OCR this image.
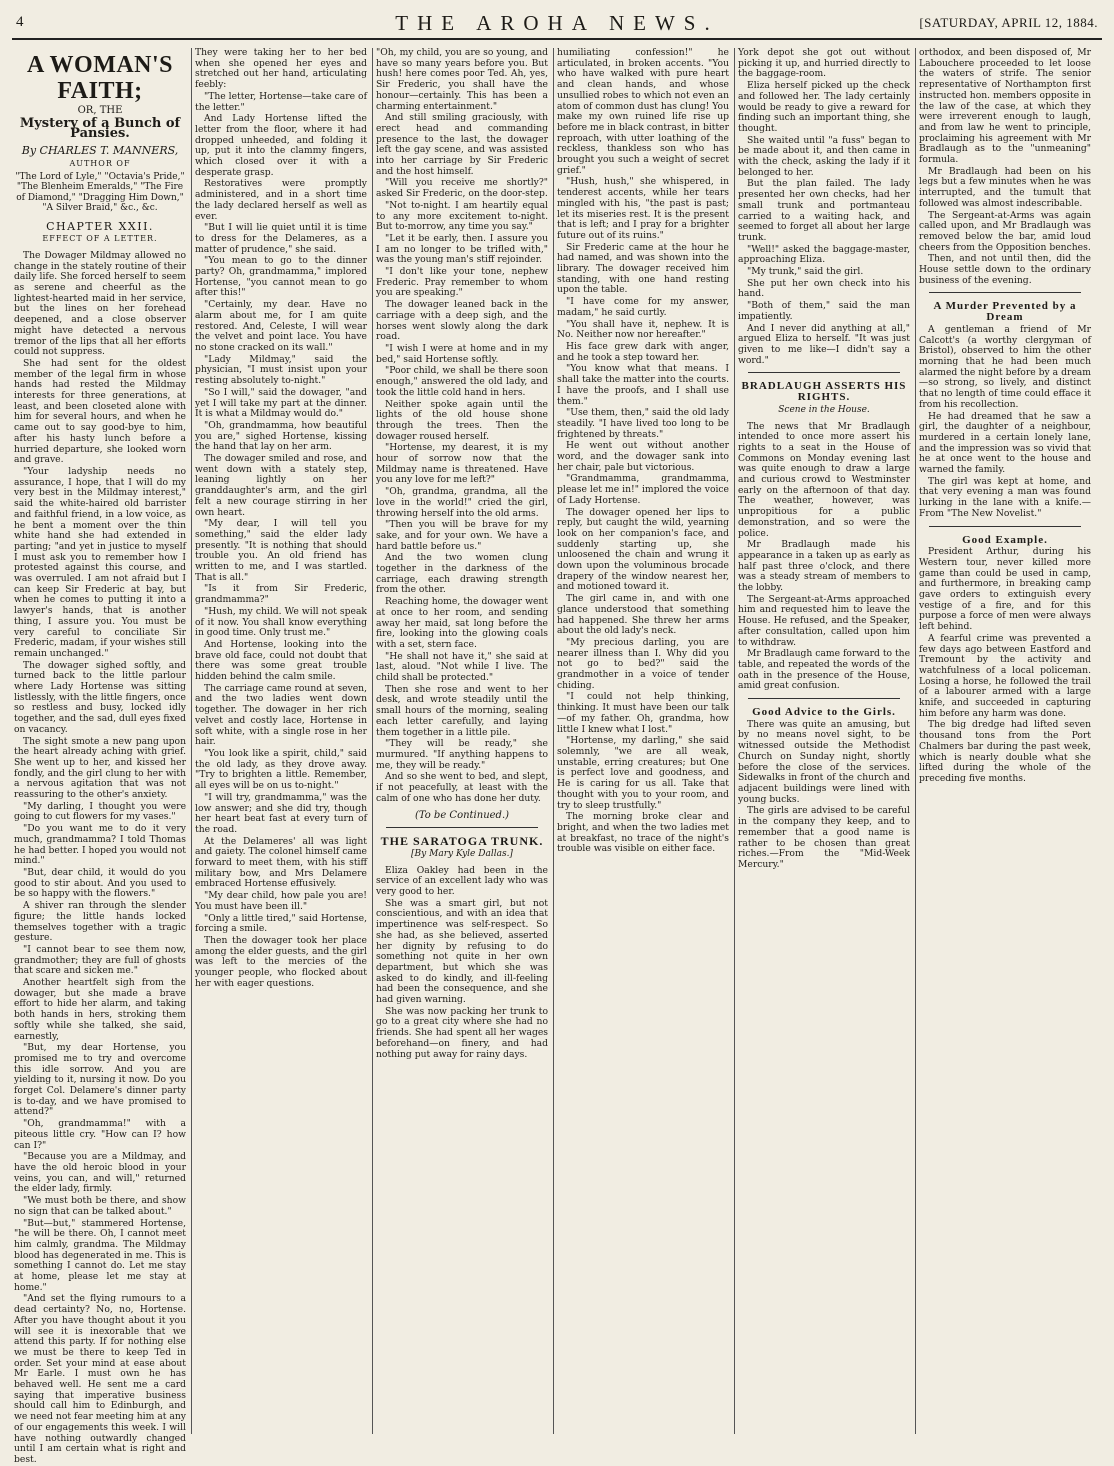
4	THE AROHA NEWS.	[SATURDAY, APRIL 12, 1884.
A WOMAN'S FAITH;
OR, THE
Mystery of a Bunch of Pansies.
By CHARLES T. MANNERS,
AUTHOR OF
"The Lord of Lyle," "Octavia's Pride," "The Blenheim Emeralds," "The Fire of Diamond," "Dragging Him Down," "A Silver Braid," &c., &c.
CHAPTER XXII.
EFFECT OF A LETTER.

The Dowager Mildmay allowed no change in the stately routine of their daily life. She forced herself to seem as serene and cheerful as the lightest-hearted maid in her service, but the lines on her forehead deepened, and a close observer might have detected a nervous tremor of the lips that all her efforts could not suppress.

She had sent for the oldest member of the legal firm in whose hands had rested the Mildmay interests for three generations, at least, and been closeted alone with him for several hours, and when he came out to say good-bye to him, after his hasty lunch before a hurried departure, she looked worn and grave.

"Your ladyship needs no assurance, I hope, that I will do my very best in the Mildmay interest," said the white-haired old barrister and faithful friend, in a low voice, as he bent a moment over the thin white hand she had extended in parting; "and yet in justice to myself I must ask you to remember how I protested against this course, and was overruled. I am not afraid but I can keep Sir Frederic at bay, but when he comes to putting it into a lawyer's hands, that is another thing, I assure you. You must be very careful to conciliate Sir Frederic, madam, if your wishes still remain unchanged."

The dowager sighed softly, and turned back to the little parlour where Lady Hortense was sitting listlessly, with the little fingers, once so restless and busy, locked idly together, and the sad, dull eyes fixed on vacancy.

The sight smote a new pang upon the heart already aching with grief. She went up to her, and kissed her fondly, and the girl clung to her with a nervous agitation that was not reassuring to the other's anxiety.

"My darling, I thought you were going to cut flowers for my vases."

"Do you want me to do it very much, grandmamma? I told Thomas he had better. I hoped you would not mind."

"But, dear child, it would do you good to stir about. And you used to be so happy with the flowers."

A shiver ran through the slender figure; the little hands locked themselves together with a tragic gesture.

"I cannot bear to see them now, grandmother; they are full of ghosts that scare and sicken me."

Another heartfelt sigh from the dowager, but she made a brave effort to hide her alarm, and taking both hands in hers, stroking them softly while she talked, she said, earnestly,

"But, my dear Hortense, you promised me to try and overcome this idle sorrow. And you are yielding to it, nursing it now. Do you forget Col. Delamere's dinner party is to-day, and we have promised to attend?"

"Oh, grandmamma!" with a piteous little cry. "How can I? how can I?"

"Because you are a Mildmay, and have the old heroic blood in your veins, you can, and will," returned the elder lady, firmly.

"We must both be there, and show no sign that can be talked about."

"But—but," stammered Hortense, "he will be there. Oh, I cannot meet him calmly, grandma. The Mildmay blood has degenerated in me. This is something I cannot do. Let me stay at home, please let me stay at home."

"And set the flying rumours to a dead certainty? No, no, Hortense. After you have thought about it you will see it is inexorable that we attend this party. If for nothing else we must be there to keep Ted in order. Set your mind at ease about Mr Earle. I must own he has behaved well. He sent me a card saying that imperative business should call him to Edinburgh, and we need not fear meeting him at any of our engagements this week. I will have nothing outwardly changed until I am certain what is right and best.

They were taking her to her bed when she opened her eyes and stretched out her hand, articulating feebly:

"The letter, Hortense—take care of the letter."

And Lady Hortense lifted the letter from the floor, where it had dropped unheeded, and folding it up, put it into the clammy fingers, which closed over it with a desperate grasp.

Restoratives were promptly administered, and in a short time the lady declared herself as well as ever.

"But I will lie quiet until it is time to dress for the Delameres, as a matter of prudence," she said.

"You mean to go to the dinner party? Oh, grandmamma," implored Hortense, "you cannot mean to go after this!"

"Certainly, my dear. Have no alarm about me, for I am quite restored. And, Celeste, I will wear the velvet and point lace. You have no stone cracked on its wall."

"Lady Mildmay," said the physician, "I must insist upon your resting absolutely to-night."

"So I will," said the dowager, "and yet I will take my part at the dinner. It is what a Mildmay would do."

"Oh, grandmamma, how beautiful you are," sighed Hortense, kissing the hand that lay on her arm.

The dowager smiled and rose, and went down with a stately step, leaning lightly on her granddaughter's arm, and the girl felt a new courage stirring in her own heart.

"My dear, I will tell you something," said the elder lady presently. "It is nothing that should trouble you. An old friend has written to me, and I was startled. That is all."

"Is it from Sir Frederic, grandmamma?"

"Hush, my child. We will not speak of it now. You shall know everything in good time. Only trust me."

And Hortense, looking into the brave old face, could not doubt that there was some great trouble hidden behind the calm smile.

The carriage came round at seven, and the two ladies went down together. The dowager in her rich velvet and costly lace, Hortense in soft white, with a single rose in her hair.

"You look like a spirit, child," said the old lady, as they drove away. "Try to brighten a little. Remember, all eyes will be on us to-night."

"I will try, grandmamma," was the low answer; and she did try, though her heart beat fast at every turn of the road.

At the Delameres' all was light and gaiety. The colonel himself came forward to meet them, with his stiff military bow, and Mrs Delamere embraced Hortense effusively.

"My dear child, how pale you are! You must have been ill."

"Only a little tired," said Hortense, forcing a smile.

Then the dowager took her place among the elder guests, and the girl was left to the mercies of the younger people, who flocked about her with eager questions.

"Oh, my child, you are so young, and have so many years before you. But hush! here comes poor Ted. Ah, yes, Sir Frederic, you shall have the honour—certainly. This has been a charming entertainment."

And still smiling graciously, with erect head and commanding presence to the last, the dowager left the gay scene, and was assisted into her carriage by Sir Frederic and the host himself.

"Will you receive me shortly?" asked Sir Frederic, on the door-step.

"Not to-night. I am heartily equal to any more excitement to-night. But to-morrow, any time you say."

"Let it be early, then. I assure you I am no longer to be trifled with," was the young man's stiff rejoinder.

"I don't like your tone, nephew Frederic. Pray remember to whom you are speaking."

The dowager leaned back in the carriage with a deep sigh, and the horses went slowly along the dark road.

"I wish I were at home and in my bed," said Hortense softly.

"Poor child, we shall be there soon enough," answered the old lady, and took the little cold hand in hers.

Neither spoke again until the lights of the old house shone through the trees. Then the dowager roused herself.

"Hortense, my dearest, it is my hour of sorrow now that the Mildmay name is threatened. Have you any love for me left?"

"Oh, grandma, grandma, all the love in the world!" cried the girl, throwing herself into the old arms.

"Then you will be brave for my sake, and for your own. We have a hard battle before us."

And the two women clung together in the darkness of the carriage, each drawing strength from the other.

Reaching home, the dowager went at once to her room, and sending away her maid, sat long before the fire, looking into the glowing coals with a set, stern face.

"He shall not have it," she said at last, aloud. "Not while I live. The child shall be protected."

Then she rose and went to her desk, and wrote steadily until the small hours of the morning, sealing each letter carefully, and laying them together in a little pile.

"They will be ready," she murmured. "If anything happens to me, they will be ready."

And so she went to bed, and slept, if not peacefully, at least with the calm of one who has done her duty.

(To be Continued.)
THE SARATOGA TRUNK.
[By Mary Kyle Dallas.]

Eliza Oakley had been in the service of an excellent lady who was very good to her.

She was a smart girl, but not conscientious, and with an idea that impertinence was self-respect. So she had, as she believed, asserted her dignity by refusing to do something not quite in her own department, but which she was asked to do kindly, and ill-feeling had been the consequence, and she had given warning.

She was now packing her trunk to go to a great city where she had no friends. She had spent all her wages beforehand—on finery, and had nothing put away for rainy days.

humiliating confession!" he articulated, in broken accents. "You who have walked with pure heart and clean hands, and whose unsullied robes to which not even an atom of common dust has clung! You make my own ruined life rise up before me in black contrast, in bitter reproach, with utter loathing of the reckless, thankless son who has brought you such a weight of secret grief."

"Hush, hush," she whispered, in tenderest accents, while her tears mingled with his, "the past is past; let its miseries rest. It is the present that is left; and I pray for a brighter future out of its ruins."

Sir Frederic came at the hour he had named, and was shown into the library. The dowager received him standing, with one hand resting upon the table.

"I have come for my answer, madam," he said curtly.

"You shall have it, nephew. It is No. Neither now nor hereafter."

His face grew dark with anger, and he took a step toward her.

"You know what that means. I shall take the matter into the courts. I have the proofs, and I shall use them."

"Use them, then," said the old lady steadily. "I have lived too long to be frightened by threats."

He went out without another word, and the dowager sank into her chair, pale but victorious.

"Grandmamma, grandmamma, please let me in!" implored the voice of Lady Hortense.

The dowager opened her lips to reply, but caught the wild, yearning look on her companion's face, and suddenly starting up, she unloosened the chain and wrung it down upon the voluminous brocade drapery of the window nearest her, and motioned toward it.

The girl came in, and with one glance understood that something had happened. She threw her arms about the old lady's neck.

"My precious darling, you are nearer illness than I. Why did you not go to bed?" said the grandmother in a voice of tender chiding.

"I could not help thinking, thinking. It must have been our talk—of my father. Oh, grandma, how little I knew what I lost."

"Hortense, my darling," she said solemnly, "we are all weak, unstable, erring creatures; but One is perfect love and goodness, and He is caring for us all. Take that thought with you to your room, and try to sleep trustfully."

The morning broke clear and bright, and when the two ladies met at breakfast, no trace of the night's trouble was visible on either face.

York depot she got out without picking it up, and hurried directly to the baggage-room.

Eliza herself picked up the check and followed her. The lady certainly would be ready to give a reward for finding such an important thing, she thought.

She waited until "a fuss" began to be made about it, and then came in with the check, asking the lady if it belonged to her.

But the plan failed. The lady presented her own checks, had her small trunk and portmanteau carried to a waiting hack, and seemed to forget all about her large trunk.

"Well!" asked the baggage-master, approaching Eliza.

"My trunk," said the girl.

She put her own check into his hand.

"Both of them," said the man impatiently.

And I never did anything at all," argued Eliza to herself. "It was just given to me like—I didn't say a word."

BRADLAUGH ASSERTS HIS RIGHTS.
Scene in the House.

The news that Mr Bradlaugh intended to once more assert his rights to a seat in the House of Commons on Monday evening last was quite enough to draw a large and curious crowd to Westminster early on the afternoon of that day. The weather, however, was unpropitious for a public demonstration, and so were the police.

Mr Bradlaugh made his appearance in a taken up as early as half past three o'clock, and there was a steady stream of members to the lobby.

The Sergeant-at-Arms approached him and requested him to leave the House. He refused, and the Speaker, after consultation, called upon him to withdraw.

Mr Bradlaugh came forward to the table, and repeated the words of the oath in the presence of the House, amid great confusion.

Good Advice to the Girls.

There was quite an amusing, but by no means novel sight, to be witnessed outside the Methodist Church on Sunday night, shortly before the close of the services. Sidewalks in front of the church and adjacent buildings were lined with young bucks.

The girls are advised to be careful in the company they keep, and to remember that a good name is rather to be chosen than great riches.—From the "Mid-Week Mercury."

orthodox, and been disposed of, Mr Labouchere proceeded to let loose the waters of strife. The senior representative of Northampton first instructed hon. members opposite in the law of the case, at which they were irreverent enough to laugh, and from law he went to principle, proclaiming his agreement with Mr Bradlaugh as to the "unmeaning" formula.

Mr Bradlaugh had been on his legs but a few minutes when he was interrupted, and the tumult that followed was almost indescribable.

The Sergeant-at-Arms was again called upon, and Mr Bradlaugh was removed below the bar, amid loud cheers from the Opposition benches.

Then, and not until then, did the House settle down to the ordinary business of the evening.

A Murder Prevented by a Dream

A gentleman a friend of Mr Calcott's (a worthy clergyman of Bristol), observed to him the other morning that he had been much alarmed the night before by a dream—so strong, so lively, and distinct that no length of time could efface it from his recollection.

He had dreamed that he saw a girl, the daughter of a neighbour, murdered in a certain lonely lane, and the impression was so vivid that he at once went to the house and warned the family.

The girl was kept at home, and that very evening a man was found lurking in the lane with a knife.—From "The New Novelist."

Good Example.

President Arthur, during his Western tour, never killed more game than could be used in camp, and furthermore, in breaking camp gave orders to extinguish every vestige of a fire, and for this purpose a force of men were always left behind.

A fearful crime was prevented a few days ago between Eastford and Tremount by the activity and watchfulness of a local policeman. Losing a horse, he followed the trail of a labourer armed with a large knife, and succeeded in capturing him before any harm was done.

The big dredge had lifted seven thousand tons from the Port Chalmers bar during the past week, which is nearly double what she lifted during the whole of the preceding five months.
